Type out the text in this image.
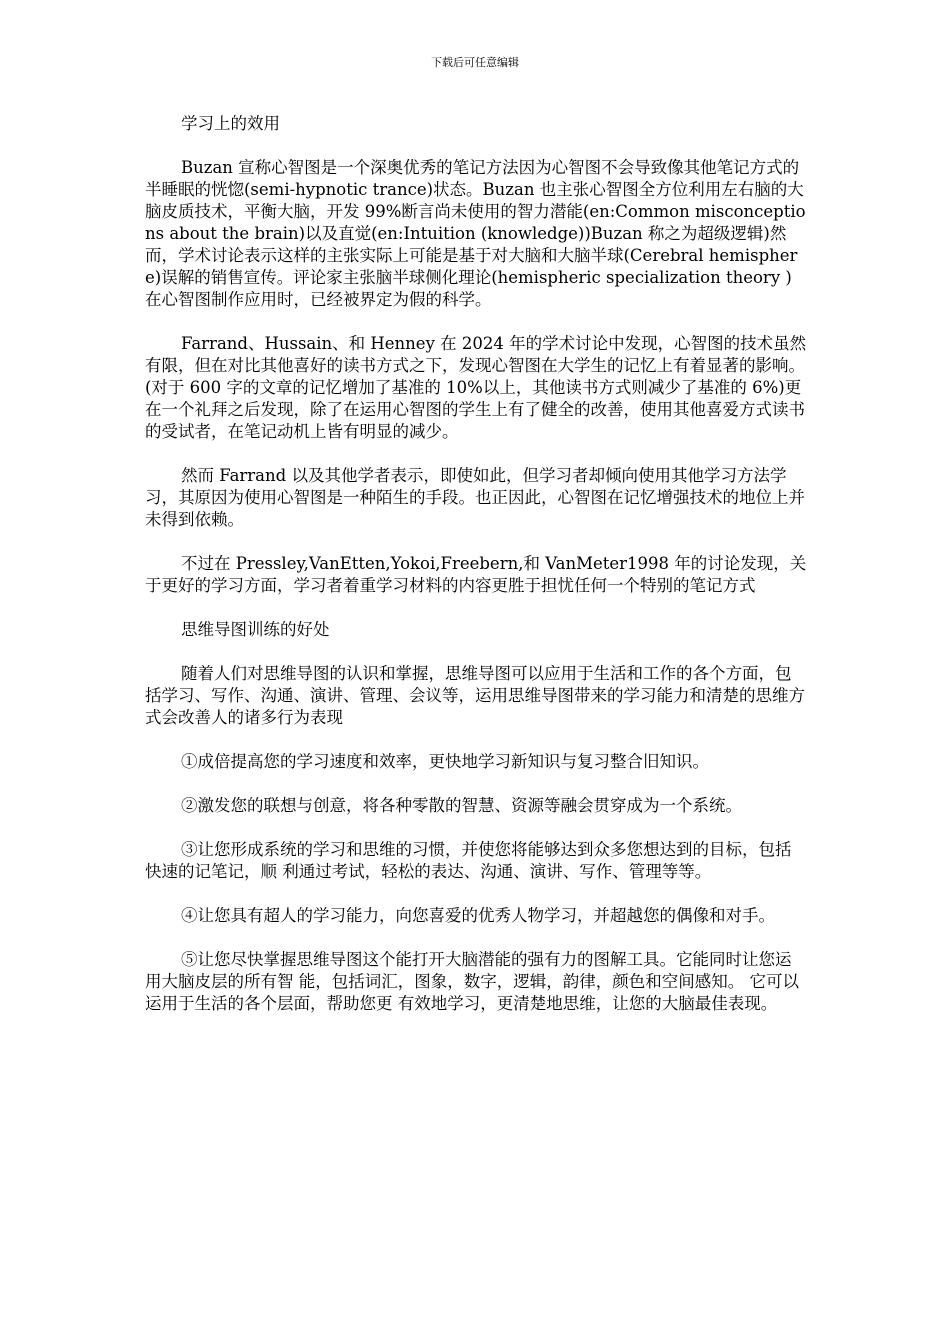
下载后可任意编辑

学习上的效用

Buzan 宣称心智图是一个深奥优秀的笔记方法因为心智图不会导致像其他笔记方式的半睡眠的恍惚(semi-hypnotic trance)状态。Buzan 也主张心智图全方位利用左右脑的大脑皮质技术，平衡大脑，开发 99%断言尚未使用的智力潜能(en:Common misconceptions about the brain)以及直觉(en:Intuition (knowledge))Buzan 称之为超级逻辑)然而，学术讨论表示这样的主张实际上可能是基于对大脑和大脑半球(Cerebral hemisphere)误解的销售宣传。评论家主张脑半球侧化理论(hemispheric specialization theory )在心智图制作应用时，已经被界定为假的科学。

Farrand、Hussain、和 Henney 在 2024 年的学术讨论中发现，心智图的技术虽然有限，但在对比其他喜好的读书方式之下，发现心智图在大学生的记忆上有着显著的影响。 (对于 600 字的文章的记忆增加了基准的 10%以上，其他读书方式则减少了基准的 6%)更在一个礼拜之后发现，除了在运用心智图的学生上有了健全的改善，使用其他喜爱方式读书的受试者，在笔记动机上皆有明显的减少。

然而 Farrand 以及其他学者表示，即使如此，但学习者却倾向使用其他学习方法学习，其原因为使用心智图是一种陌生的手段。也正因此，心智图在记忆增强技术的地位上并未得到依赖。

不过在 Pressley,VanEtten,Yokoi,Freebern,和 VanMeter1998 年的讨论发现，关于更好的学习方面，学习者着重学习材料的内容更胜于担忧任何一个特别的笔记方式

思维导图训练的好处

随着人们对思维导图的认识和掌握，思维导图可以应用于生活和工作的各个方面，包括学习、写作、沟通、演讲、管理、会议等，运用思维导图带来的学习能力和清楚的思维方式会改善人的诸多行为表现

①成倍提高您的学习速度和效率，更快地学习新知识与复习整合旧知识。

②激发您的联想与创意，将各种零散的智慧、资源等融会贯穿成为一个系统。

③让您形成系统的学习和思维的习惯，并使您将能够达到众多您想达到的目标，包括快速的记笔记，顺 利通过考试，轻松的表达、沟通、演讲、写作、管理等等。

④让您具有超人的学习能力，向您喜爱的优秀人物学习，并超越您的偶像和对手。

⑤让您尽快掌握思维导图这个能打开大脑潜能的强有力的图解工具。它能同时让您运用大脑皮层的所有智 能，包括词汇，图象，数字，逻辑，韵律，颜色和空间感知。 它可以运用于生活的各个层面，帮助您更 有效地学习，更清楚地思维，让您的大脑最佳表现。
